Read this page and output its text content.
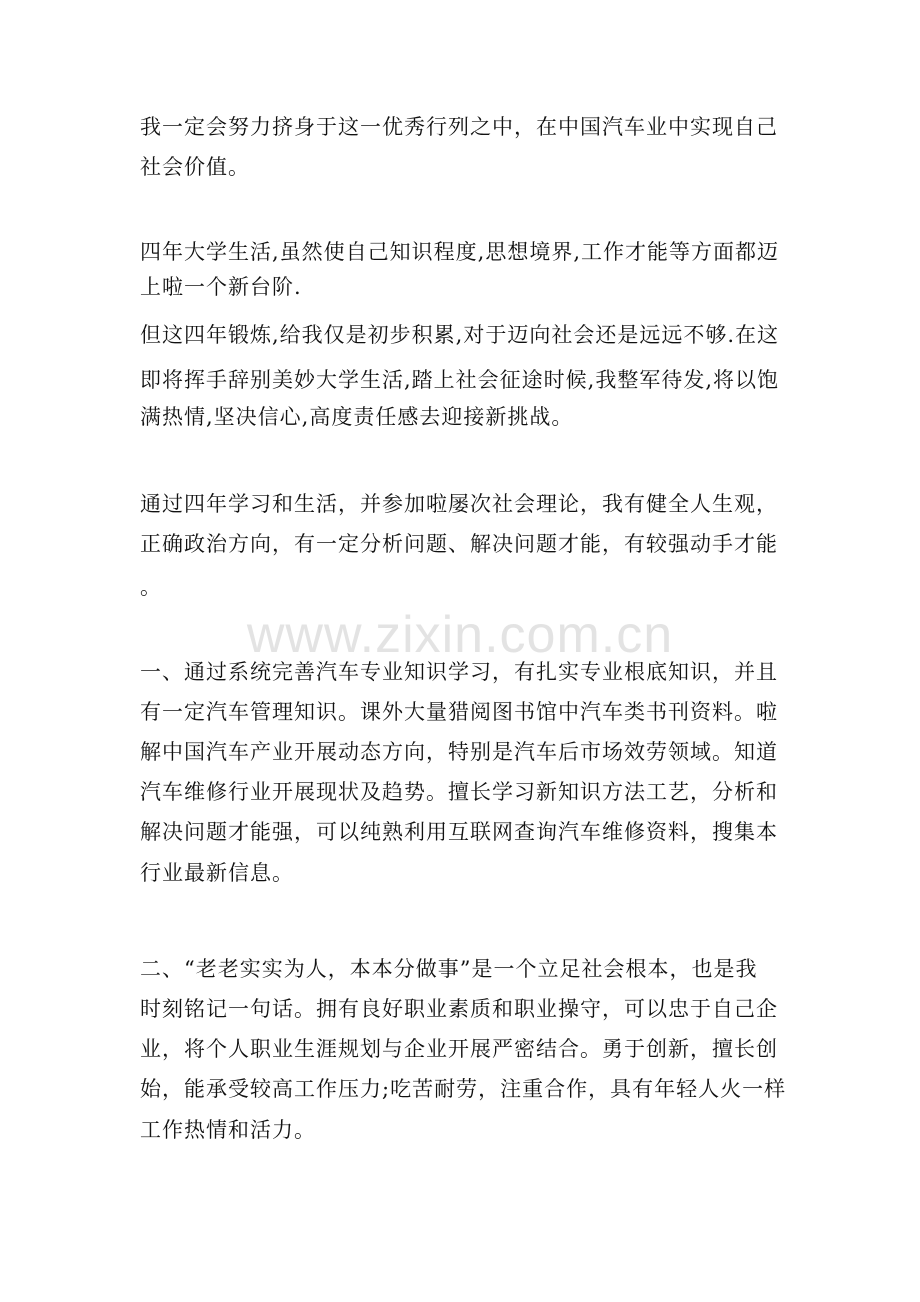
www.zixin.com.cn
我一定会努力挤身于这一优秀行列之中，在中国汽车业中实现自己
社会价值。
四年大学生活,虽然使自己知识程度,思想境界,工作才能等方面都迈
上啦一个新台阶.
但这四年锻炼,给我仅是初步积累,对于迈向社会还是远远不够.在这
即将挥手辞别美妙大学生活,踏上社会征途时候,我整军待发,将以饱
满热情,坚决信心,高度责任感去迎接新挑战。
通过四年学习和生活，并参加啦屡次社会理论，我有健全人生观，
正确政治方向，有一定分析问题、解决问题才能，有较强动手才能
。
一、通过系统完善汽车专业知识学习，有扎实专业根底知识，并且
有一定汽车管理知识。课外大量猎阅图书馆中汽车类书刊资料。啦
解中国汽车产业开展动态方向，特别是汽车后市场效劳领域。知道
汽车维修行业开展现状及趋势。擅长学习新知识方法工艺，分析和
解决问题才能强，可以纯熟利用互联网查询汽车维修资料，搜集本
行业最新信息。
二、“老老实实为人，本本分做事”是一个立足社会根本，也是我
时刻铭记一句话。拥有良好职业素质和职业操守，可以忠于自己企
业，将个人职业生涯规划与企业开展严密结合。勇于创新，擅长创
始，能承受较高工作压力;吃苦耐劳，注重合作，具有年轻人火一样
工作热情和活力。
